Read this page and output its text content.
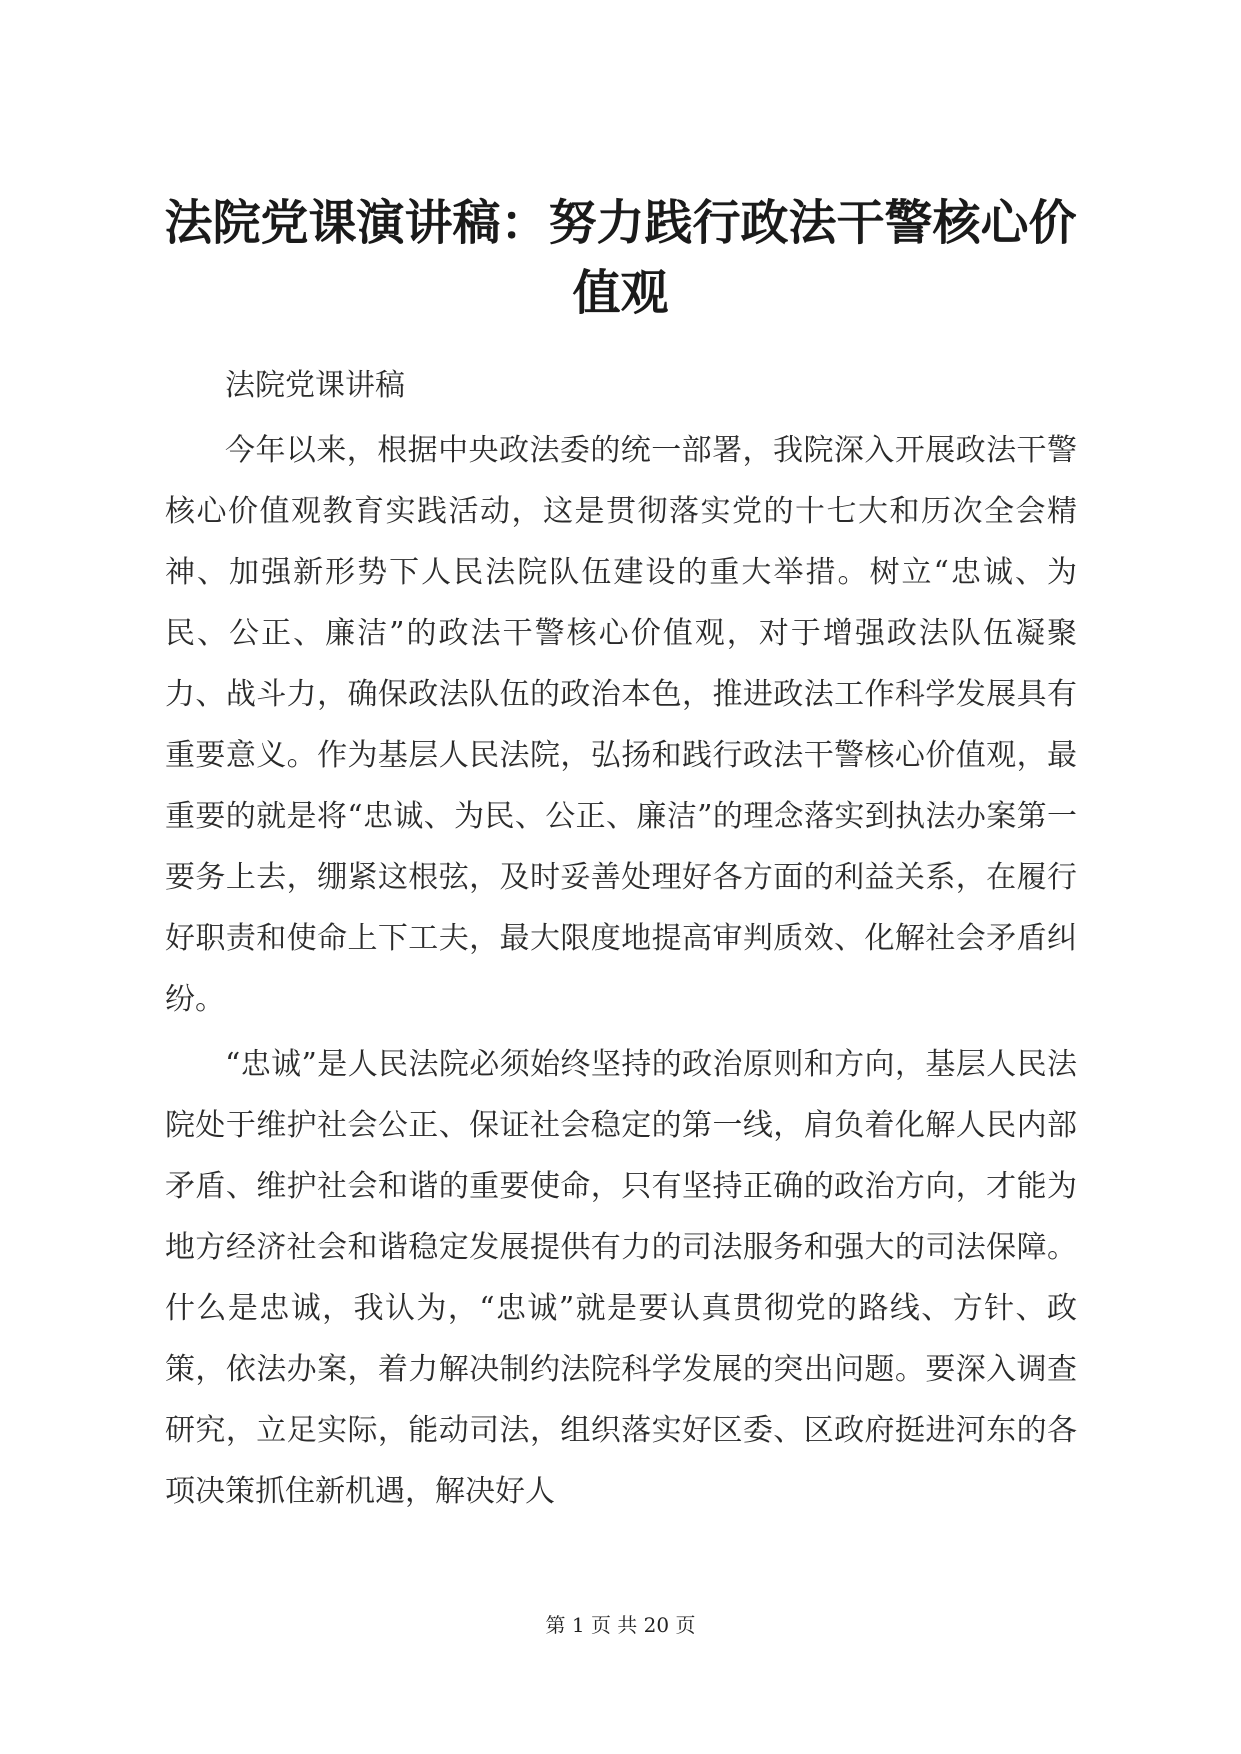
法院党课演讲稿：努力践行政法干警核心价值观

法院党课讲稿

今年以来，根据中央政法委的统一部署，我院深入开展政法干警核心价值观教育实践活动，这是贯彻落实党的十七大和历次全会精神、加强新形势下人民法院队伍建设的重大举措。树立“忠诚、为民、公正、廉洁”的政法干警核心价值观，对于增强政法队伍凝聚力、战斗力，确保政法队伍的政治本色，推进政法工作科学发展具有重要意义。作为基层人民法院，弘扬和践行政法干警核心价值观，最重要的就是将“忠诚、为民、公正、廉洁”的理念落实到执法办案第一要务上去，绷紧这根弦，及时妥善处理好各方面的利益关系，在履行好职责和使命上下工夫，最大限度地提高审判质效、化解社会矛盾纠纷。

“忠诚”是人民法院必须始终坚持的政治原则和方向，基层人民法院处于维护社会公正、保证社会稳定的第一线，肩负着化解人民内部矛盾、维护社会和谐的重要使命，只有坚持正确的政治方向，才能为地方经济社会和谐稳定发展提供有力的司法服务和强大的司法保障。什么是忠诚，我认为，“忠诚”就是要认真贯彻党的路线、方针、政策，依法办案，着力解决制约法院科学发展的突出问题。要深入调查研究，立足实际，能动司法，组织落实好区委、区政府挺进河东的各项决策抓住新机遇，解决好人

第 1 页 共 20 页
